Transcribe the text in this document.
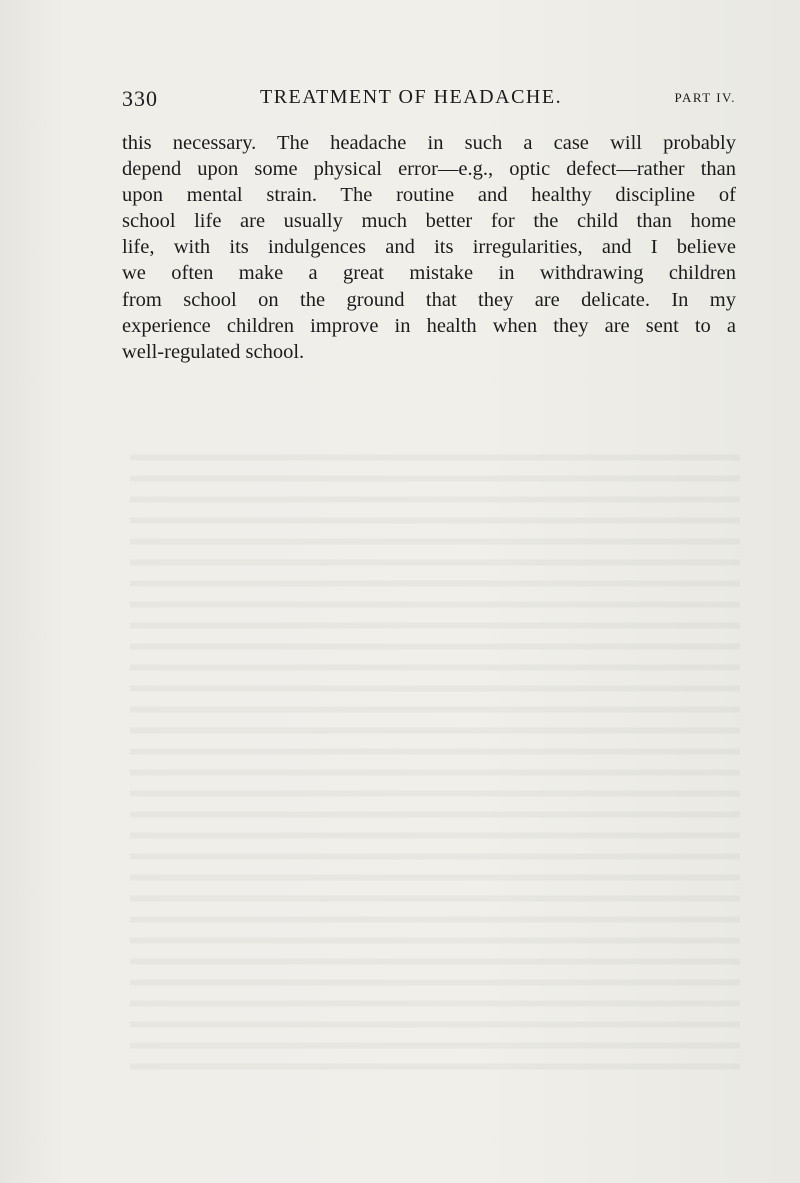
330	TREATMENT OF HEADACHE.	PART IV.
this necessary. The headache in such a case will probably
depend upon some physical error—e.g., optic defect—rather than
upon mental strain. The routine and healthy discipline of
school life are usually much better for the child than home
life, with its indulgences and its irregularities, and I believe
we often make a great mistake in withdrawing children
from school on the ground that they are delicate. In my
experience children improve in health when they are sent to a
well-regulated school.
